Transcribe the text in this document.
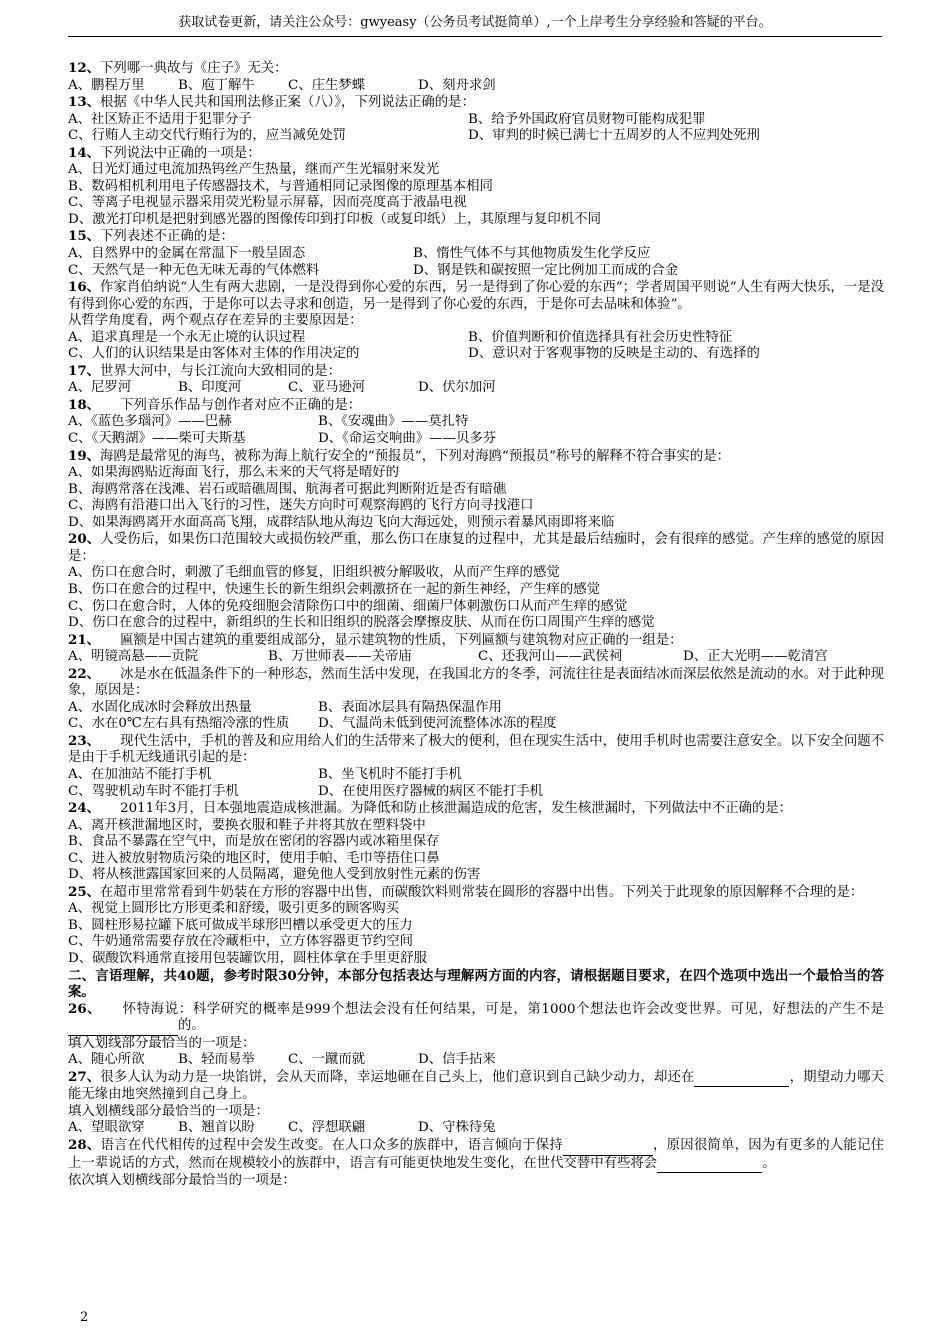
获取试卷更新，请关注公众号：gwyeasy（公务员考试挺简单）,一个上岸考生分享经验和答疑的平台。
12、下列哪一典故与《庄子》无关：
A、鹏程万里	B、庖丁解牛	C、庄生梦蝶	D、刻舟求剑
13、根据《中华人民共和国刑法修正案（八）》，下列说法正确的是：
A、社区矫正不适用于犯罪分子	B、给予外国政府官员财物可能构成犯罪
C、行贿人主动交代行贿行为的，应当减免处罚	D、审判的时候已满七十五周岁的人不应判处死刑
14、下列说法中正确的一项是：
A、日光灯通过电流加热钨丝产生热量，继而产生光辐射来发光
B、数码相机利用电子传感器技术，与普通相同记录图像的原理基本相同
C、等离子电视显示器采用荧光粉显示屏幕，因而亮度高于液晶电视
D、激光打印机是把射到感光器的图像传印到打印板（或复印纸）上，其原理与复印机不同
15、下列表述不正确的是：
A、自然界中的金属在常温下一般呈固态	B、惰性气体不与其他物质发生化学反应
C、天然气是一种无色无味无毒的气体燃料	D、钢是铁和碳按照一定比例加工而成的合金
16、作家肖伯纳说“人生有两大悲剧，一是没得到你心爱的东西，另一是得到了你心爱的东西”；学者周国平则说“人生有两大快乐，一是没有得到你心爱的东西，于是你可以去寻求和创造，另一是得到了你心爱的东西，于是你可去品味和体验”。
从哲学角度看，两个观点存在差异的主要原因是：
A、追求真理是一个永无止境的认识过程	B、价值判断和价值选择具有社会历史性特征
C、人们的认识结果是由客体对主体的作用决定的	D、意识对于客观事物的反映是主动的、有选择的
17、世界大河中，与长江流向大致相同的是：
A、尼罗河	B、印度河	C、亚马逊河	D、伏尔加河
18、　　下列音乐作品与创作者对应不正确的是：
A、《蓝色多瑙河》——巴赫	B、《安魂曲》——莫扎特
C、《天鹅湖》——柴可夫斯基	D、《命运交响曲》——贝多芬
19、海鸥是最常见的海鸟，被称为海上航行安全的“预报员”，下列对海鸥“预报员”称号的解释不符合事实的是：
A、如果海鸥贴近海面飞行，那么未来的天气将是晴好的
B、海鸥常落在浅滩、岩石或暗礁周围、航海者可据此判断附近是否有暗礁
C、海鸥有沿港口出入飞行的习性，迷失方向时可观察海鸥的飞行方向寻找港口
D、如果海鸥离开水面高高飞翔，成群结队地从海边飞向大海远处，则预示着暴风雨即将来临
20、人受伤后，如果伤口范围较大或损伤较严重，那么伤口在康复的过程中，尤其是最后结痂时，会有很痒的感觉。产生痒的感觉的原因是：
A、伤口在愈合时，刺激了毛细血管的修复，旧组织被分解吸收，从而产生痒的感觉
B、伤口在愈合的过程中，快速生长的新生组织会刺激挤在一起的新生神经，产生痒的感觉
C、伤口在愈合时，人体的免疫细胞会清除伤口中的细菌、细菌尸体刺激伤口从而产生痒的感觉
D、伤口在愈合的过程中，新组织的生长和旧组织的脱落会摩擦皮肤、从而在伤口周围产生痒的感觉
21、　　匾额是中国古建筑的重要组成部分，显示建筑物的性质，下列匾额与建筑物对应正确的一组是：
A、明镜高悬——贡院	B、万世师表——关帝庙	C、还我河山——武侯祠	D、正大光明——乾清宫
22、　　冰是水在低温条件下的一种形态，然而生活中发现，在我国北方的冬季，河流往往是表面结冰而深层依然是流动的水。对于此种现象，原因是：
A、水固化成冰时会释放出热量	B、表面冰层具有隔热保温作用
C、水在0℃左右具有热缩冷涨的性质	D、气温尚未低到使河流整体冰冻的程度
23、　　现代生活中，手机的普及和应用给人们的生活带来了极大的便利，但在现实生活中，使用手机时也需要注意安全。以下安全问题不是由于手机无线通讯引起的是：
A、在加油站不能打手机	B、坐飞机时不能打手机
C、驾驶机动车时不能打手机	D、在使用医疗器械的病区不能打手机
24、　　2011年3月，日本强地震造成核泄漏。为降低和防止核泄漏造成的危害，发生核泄漏时，下列做法中不正确的是：
A、离开核泄漏地区时，要换衣服和鞋子并将其放在塑料袋中
B、食品不暴露在空气中，而是放在密闭的容器内或冰箱里保存
C、进入被放射物质污染的地区时，使用手帕、毛巾等捂住口鼻
D、将从核泄露国家回来的人员隔离，避免他人受到放射性元素的伤害
25、在超市里常常看到牛奶装在方形的容器中出售，而碳酸饮料则常装在圆形的容器中出售。下列关于此现象的原因解释不合理的是：
A、视觉上圆形比方形更柔和舒缓，吸引更多的顾客购买
B、圆柱形易拉罐下底可做成半球形凹槽以承受更大的压力
C、牛奶通常需要存放在冷藏柜中，立方体容器更节约空间
D、碳酸饮料通常直接用包装罐饮用，圆柱体拿在手里更舒服
二、言语理解，共40题，参考时限30分钟，本部分包括表达与理解两方面的内容，请根据题目要求，在四个选项中选出一个最恰当的答案。
26、　　怀特海说：科学研究的概率是999个想法会没有任何结果，可是，第1000个想法也许会改变世界。可见，好想法的产生不是的。
填入划线部分最恰当的一项是：
A、随心所欲	B、轻而易举	C、一蹴而就	D、信手拈来
27、很多人认为动力是一块馅饼，会从天而降，幸运地砸在自己头上，他们意识到自己缺少动力，却还在	，期望动力哪天能无缘由地突然撞到自己身上。
填入划横线部分最恰当的一项是：
A、望眼欲穿	B、翘首以盼	C、浮想联翩	D、守株待兔
28、语言在代代相传的过程中会发生改变。在人口众多的族群中，语言倾向于保持	，原因很简单，因为有更多的人能记住上一辈说话的方式，然而在规模较小的族群中，语言有可能更快地发生变化，在世代交替中有些将会	。
依次填入划横线部分最恰当的一项是：
2
